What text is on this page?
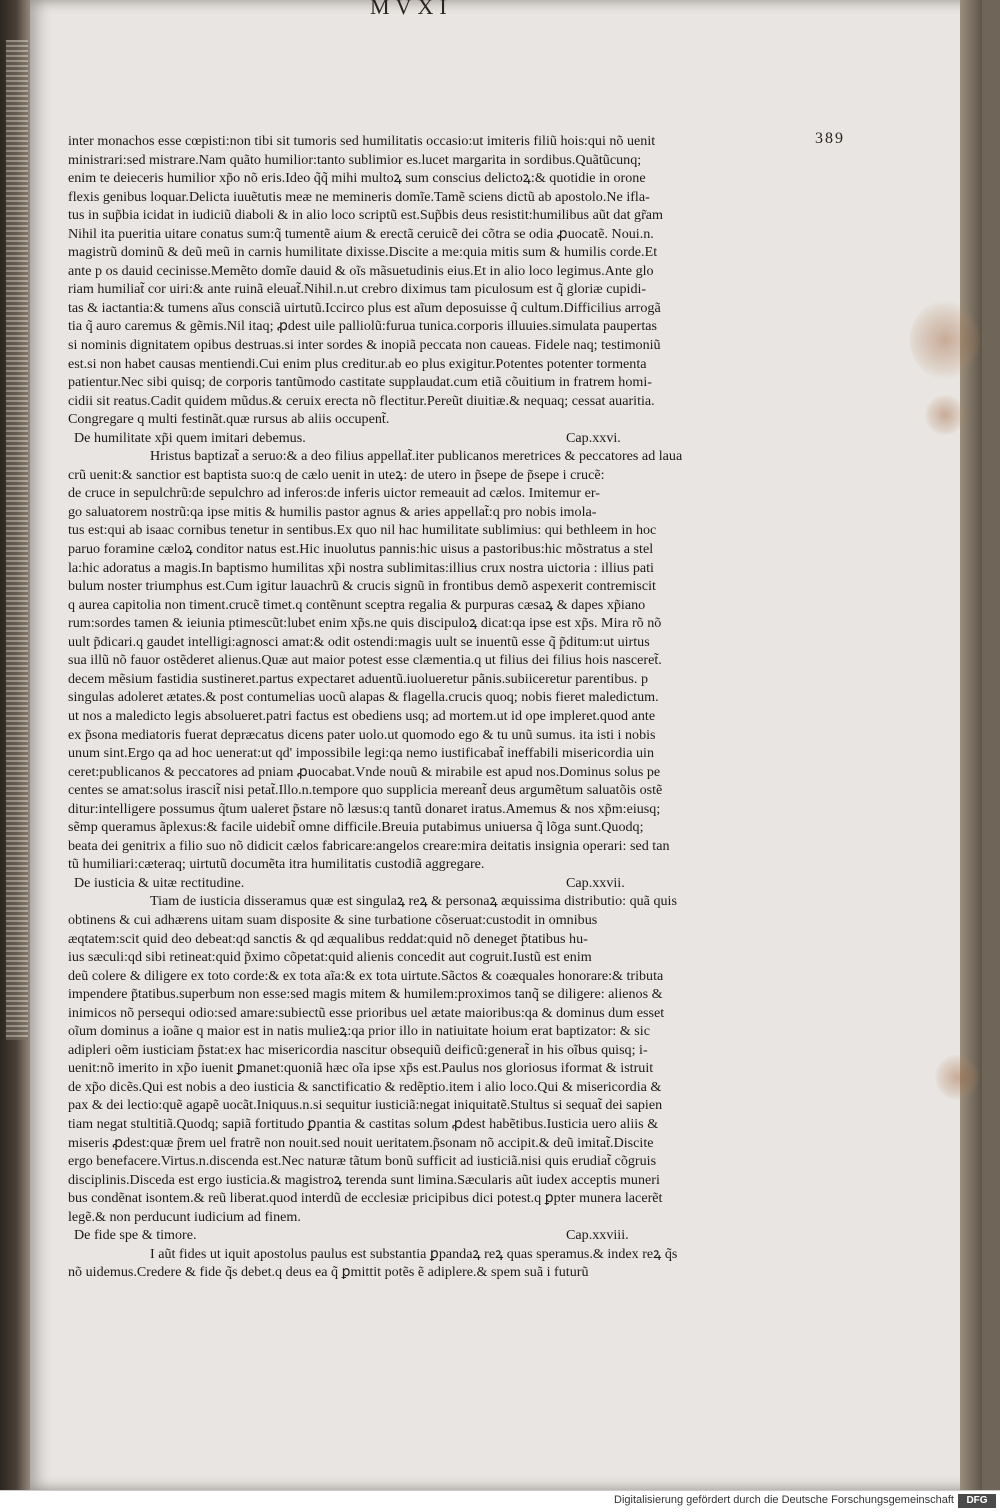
MVXI
389

inter monachos esse cœpisti:non tibi sit tumoris sed humilitatis occasio:ut imiteris filiũ hois:qui nõ uenit
ministrari:sed mistrare.Nam quãto humilior:tanto sublimior es.lucet margarita in sordibus.Quãtũcunq;
enim te deieceris humilior xp̃o nõ eris.Ideo q̃q̃ mihi multoꝝ sum conscius delictoꝝ:& quotidie in orone
flexis genibus loquar.Delicta iuuẽtutis meæ ne memineris domĩe.Tamẽ sciens dictũ ab apostolo.Ne ifla-
tus in sup̃bia icidat in iudiciũ diaboli & in alio loco scriptũ est.Sup̃bis deus resistit:humilibus aũt dat gr̃am
Nihil ita pueritia uitare conatus sum:q̃ tumentẽ aium & erectã ceruicẽ dei cõtra se odia ꝓuocatẽ. Noui.n.
magistrũ dominũ & deũ meũ in carnis humilitate dixisse.Discite a me:quia mitis sum & humilis corde.Et
ante p os dauid cecinisse.Memẽto domĩe dauid & oĩs mãsuetudinis eius.Et in alio loco legimus.Ante glo
riam humiliat̃ cor uiri:& ante ruinã eleuat̃.Nihil.n.ut crebro diximus tam piculosum est q̃ gloriæ cupidi-
tas & iactantia:& tumens aĩus consciã uirtutũ.Iccirco plus est aĩum deposuisse q̃ cultum.Difficilius arrogã
tia q̃ auro caremus & gẽmis.Nil itaq; ꝓdest uile palliolũ:furua tunica.corporis illuuies.simulata paupertas
si nominis dignitatem opibus destruas.si inter sordes & inopiã peccata non caueas. Fidele naq; testimoniũ
est.si non habet causas mentiendi.Cui enim plus creditur.ab eo plus exigitur.Potentes potenter tormenta
patientur.Nec sibi quisq; de corporis tantũmodo castitate supplaudat.cum etiã cõuitium in fratrem homi-
cidii sit reatus.Cadit quidem mũdus.& ceruix erecta nõ flectitur.Pereũt diuitiæ.& nequaq; cessat auaritia.
Congregare q multi festinãt.quæ rursus ab aliis occupent̃.

De humilitate xp̃i quem imitari debemus.	Cap.xxvi.

Hristus baptizat̃ a seruo:& a deo filius appellat̃.iter publicanos meretrices & peccatores ad laua
crũ uenit:& sanctior est baptista suo:q de cælo uenit in uteꝝ: de utero in p̃sepe de p̃sepe i crucẽ:
de cruce in sepulchrũ:de sepulchro ad inferos:de inferis uictor remeauit ad cælos. Imitemur er-
go saluatorem nostrũ:qa ipse mitis & humilis pastor agnus & aries appellat̃:q pro nobis imola-
tus est:qui ab isaac cornibus tenetur in sentibus.Ex quo nil hac humilitate sublimius: qui bethleem in hoc
paruo foramine cæloꝝ conditor natus est.Hic inuolutus pannis:hic uisus a pastoribus:hic mõstratus a stel
la:hic adoratus a magis.In baptismo humilitas xp̃i nostra sublimitas:illius crux nostra uictoria : illius pati
bulum noster triumphus est.Cum igitur lauachrũ & crucis signũ in frontibus demõ aspexerit contremiscit
q aurea capitolia non timent.crucẽ timet.q contẽnunt sceptra regalia & purpuras cæsaꝝ & dapes xp̃iano
rum:sordes tamen & ieiunia ptimescũt:lubet enim xp̃s.ne quis discipuloꝝ dicat:qa ipse est xp̃s. Mira rõ nõ
uult p̃dicari.q gaudet intelligi:agnosci amat:& odit ostendi:magis uult se inuentũ esse q̃ p̃ditum:ut uirtus
sua illũ nõ fauor ostẽderet alienus.Quæ aut maior potest esse clæmentia.q ut filius dei filius hois nasceret̃.
decem mẽsium fastidia sustineret.partus expectaret aduentũ.iuolueretur pãnis.subiiceretur parentibus. p
singulas adoleret ætates.& post contumelias uocũ alapas & flagella.crucis quoq; nobis fieret maledictum.
ut nos a maledicto legis absolueret.patri factus est obediens usq; ad mortem.ut id ope impleret.quod ante
ex p̃sona mediatoris fuerat depræcatus dicens pater uolo.ut quomodo ego & tu unũ sumus. ita isti i nobis
unum sint.Ergo qa ad hoc uenerat:ut qd' impossibile legi:qa nemo iustificabat̃ ineffabili misericordia uin
ceret:publicanos & peccatores ad pniam ꝓuocabat.Vnde nouũ & mirabile est apud nos.Dominus solus pe
centes se amat:solus irascit̃ nisi petat̃.Illo.n.tempore quo supplicia mereant̃ deus argumẽtum saluatõis ostẽ
ditur:intelligere possumus q̃tum ualeret p̃stare nõ læsus:q tantũ donaret iratus.Amemus & nos xp̃m:eiusq;
sẽmp queramus ãplexus:& facile uidebit̃ omne difficile.Breuia putabimus uniuersa q̃ lõga sunt.Quodq;
beata dei genitrix a filio suo nõ didicit cælos fabricare:angelos creare:mira deitatis insignia operari: sed tan
tũ humiliari:cæteraq; uirtutũ documẽta itra humilitatis custodiã aggregare.

De iusticia & uitæ rectitudine.	Cap.xxvii.

Tiam de iusticia disseramus quæ est singulaꝝ reꝝ & personaꝝ æquissima distributio: quã quis
obtinens & cui adhærens uitam suam disposite & sine turbatione cõseruat:custodit in omnibus
æqtatem:scit quid deo debeat:qd sanctis & qd æqualibus reddat:quid nõ deneget p̃tatibus hu-
ius sæculi:qd sibi retineat:quid p̃ximo cõpetat:quid alienis concedit aut cogruit.Iustũ est enim
deũ colere & diligere ex toto corde:& ex tota aĩa:& ex tota uirtute.Sãctos & coæquales honorare:& tributa
impendere p̃tatibus.superbum non esse:sed magis mitem & humilem:proximos tanq̃ se diligere: alienos &
inimicos nõ persequi odio:sed amare:subiectũ esse prioribus uel ætate maioribus:qa & dominus dum esset
oĩum dominus a ioãne q maior est in natis mulieꝝ:qa prior illo in natiuitate hoium erat baptizator: & sic
adipleri oẽm iusticiam p̃stat:ex hac misericordia nascitur obsequiũ deificũ:generat̃ in his oĩbus quisq; i-
uenit:nõ imerito in xp̃o iuenit ꝑmanet:quoniã hæc oĩa ipse xp̃s est.Paulus nos gloriosus iformat & istruit
de xp̃o dicẽs.Qui est nobis a deo iusticia & sanctificatio & redẽptio.item i alio loco.Qui & misericordia &
pax & dei lectio:quẽ agapẽ uocãt.Iniquus.n.si sequitur iusticiã:negat iniquitatẽ.Stultus si sequat̃ dei sapien
tiam negat stultitiã.Quodq; sapiã fortitudo ꝑpantia & castitas solum ꝓdest habẽtibus.Iusticia uero aliis &
miseris ꝓdest:quæ p̃rem uel fratrẽ non nouit.sed nouit ueritatem.p̃sonam nõ accipit.& deũ imitat̃.Discite
ergo benefacere.Virtus.n.discenda est.Nec naturæ tãtum bonũ sufficit ad iusticiã.nisi quis erudiat̃ cõgruis
disciplinis.Disceda est ergo iusticia.& magistroꝝ terenda sunt limina.Sæcularis aũt iudex acceptis muneri
bus condẽnat isontem.& reũ liberat.quod interdũ de ecclesiæ pricipibus dici potest.q ꝑpter munera lacerẽt
legẽ.& non perducunt iudicium ad finem.

De fide spe & timore.	Cap.xxviii.

I aũt fides ut iquit apostolus paulus est substantia ꝑpandaꝝ reꝝ quas speramus.& index reꝝ q̃s
nõ uidemus.Credere & fide q̃s debet.q deus ea q̃ ꝑmittit potẽs ẽ adiplere.& spem suã i futurũ

Digitalisierung gefördert durch die Deutsche Forschungsgemeinschaft	DFG
